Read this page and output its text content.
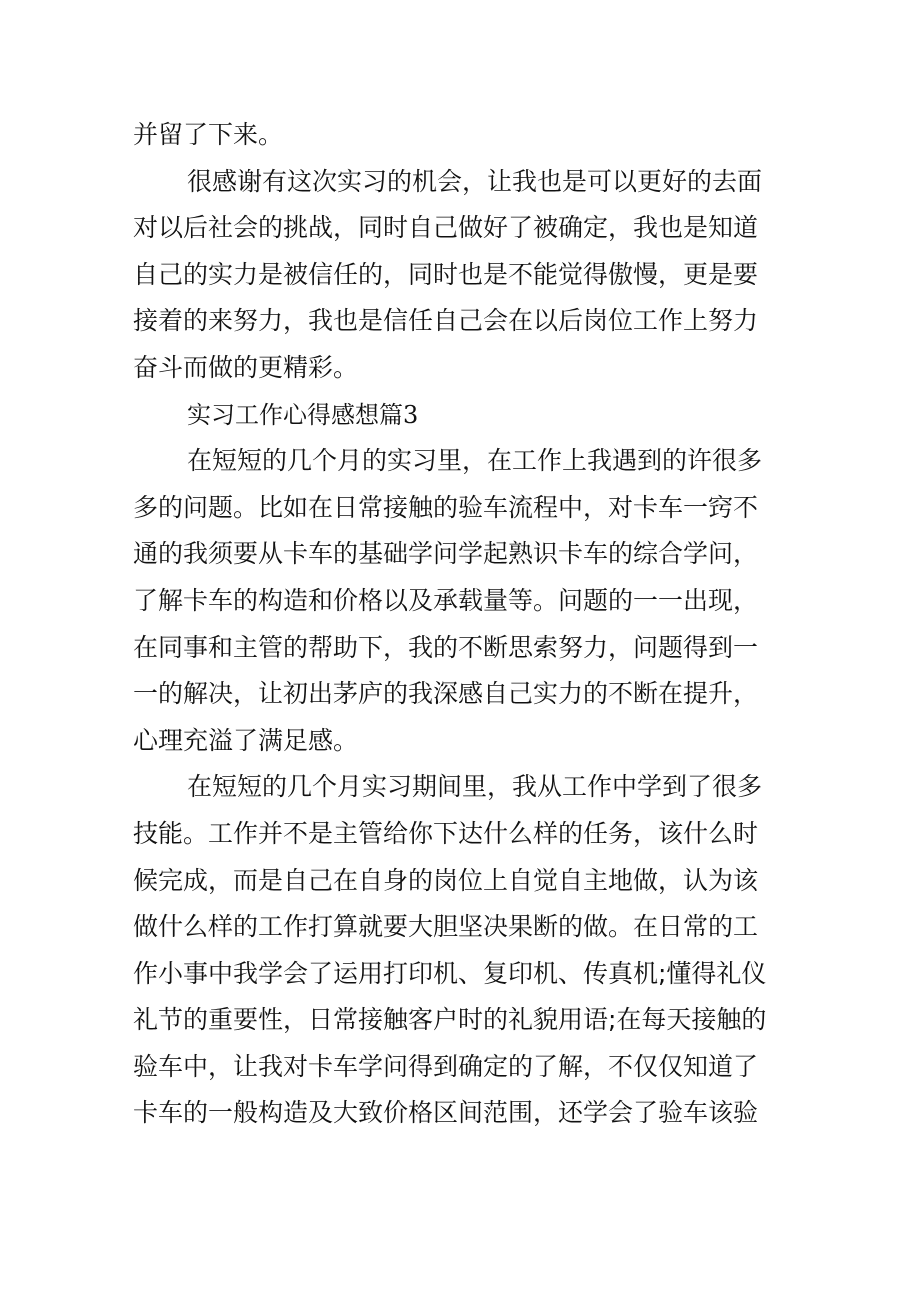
并留了下来。

很感谢有这次实习的机会，让我也是可以更好的去面
对以后社会的挑战，同时自己做好了被确定，我也是知道
自己的实力是被信任的，同时也是不能觉得傲慢，更是要
接着的来努力，我也是信任自己会在以后岗位工作上努力
奋斗而做的更精彩。

实习工作心得感想篇3

在短短的几个月的实习里，在工作上我遇到的许很多
多的问题。比如在日常接触的验车流程中，对卡车一窍不
通的我须要从卡车的基础学问学起熟识卡车的综合学问，
了解卡车的构造和价格以及承载量等。问题的一一出现，
在同事和主管的帮助下，我的不断思索努力，问题得到一
一的解决，让初出茅庐的我深感自己实力的不断在提升，
心理充溢了满足感。

在短短的几个月实习期间里，我从工作中学到了很多
技能。工作并不是主管给你下达什么样的任务，该什么时
候完成，而是自己在自身的岗位上自觉自主地做，认为该
做什么样的工作打算就要大胆坚决果断的做。在日常的工
作小事中我学会了运用打印机、复印机、传真机;懂得礼仪
礼节的重要性，日常接触客户时的礼貌用语;在每天接触的
验车中，让我对卡车学问得到确定的了解，不仅仅知道了
卡车的一般构造及大致价格区间范围，还学会了验车该验
